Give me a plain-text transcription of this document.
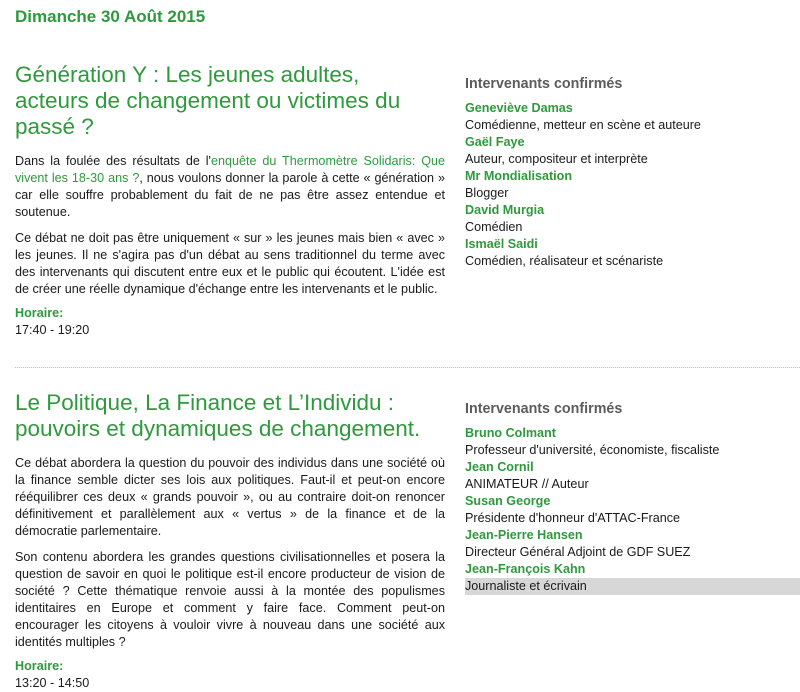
Dimanche 30 Août 2015
Génération Y : Les jeunes adultes,
acteurs de changement ou victimes du
passé ?

Dans la foulée des résultats de l'enquête du Thermomètre Solidaris: Que vivent les 18-30 ans ?, nous voulons donner la parole à cette « génération » car elle souffre probablement du fait de ne pas être assez entendue et soutenue.

Ce débat ne doit pas être uniquement « sur » les jeunes mais bien « avec » les jeunes. Il ne s'agira pas d'un débat au sens traditionnel du terme avec des intervenants qui discutent entre eux et le public qui écoutent. L'idée est de créer une réelle dynamique d'échange entre les intervenants et le public.

Horaire:
17:40 - 19:20
Intervenants confirmés
Geneviève Damas
Comédienne, metteur en scène et auteure
Gaël Faye
Auteur, compositeur et interprète
Mr Mondialisation
Blogger
David Murgia
Comédien
Ismaël Saidi
Comédien, réalisateur et scénariste
Le Politique, La Finance et L’Individu :
pouvoirs et dynamiques de changement.

Ce débat abordera la question du pouvoir des individus dans une société où la finance semble dicter ses lois aux politiques. Faut-il et peut-on encore rééquilibrer ces deux « grands pouvoir », ou au contraire doit-on renoncer définitivement et parallèlement aux « vertus » de la finance et de la démocratie parlementaire.

Son contenu abordera les grandes questions civilisationnelles et posera la question de savoir en quoi le politique est-il encore producteur de vision de société ? Cette thématique renvoie aussi à la montée des populismes identitaires en Europe et comment y faire face. Comment peut-on encourager les citoyens à vouloir vivre à nouveau dans une société aux identités multiples ?

Horaire:
13:20 - 14:50
Intervenants confirmés
Bruno Colmant
Professeur d'université, économiste, fiscaliste
Jean Cornil
ANIMATEUR // Auteur
Susan George
Présidente d'honneur d'ATTAC-France
Jean-Pierre Hansen
Directeur Général Adjoint de GDF SUEZ
Jean-François Kahn
Journaliste et écrivain
